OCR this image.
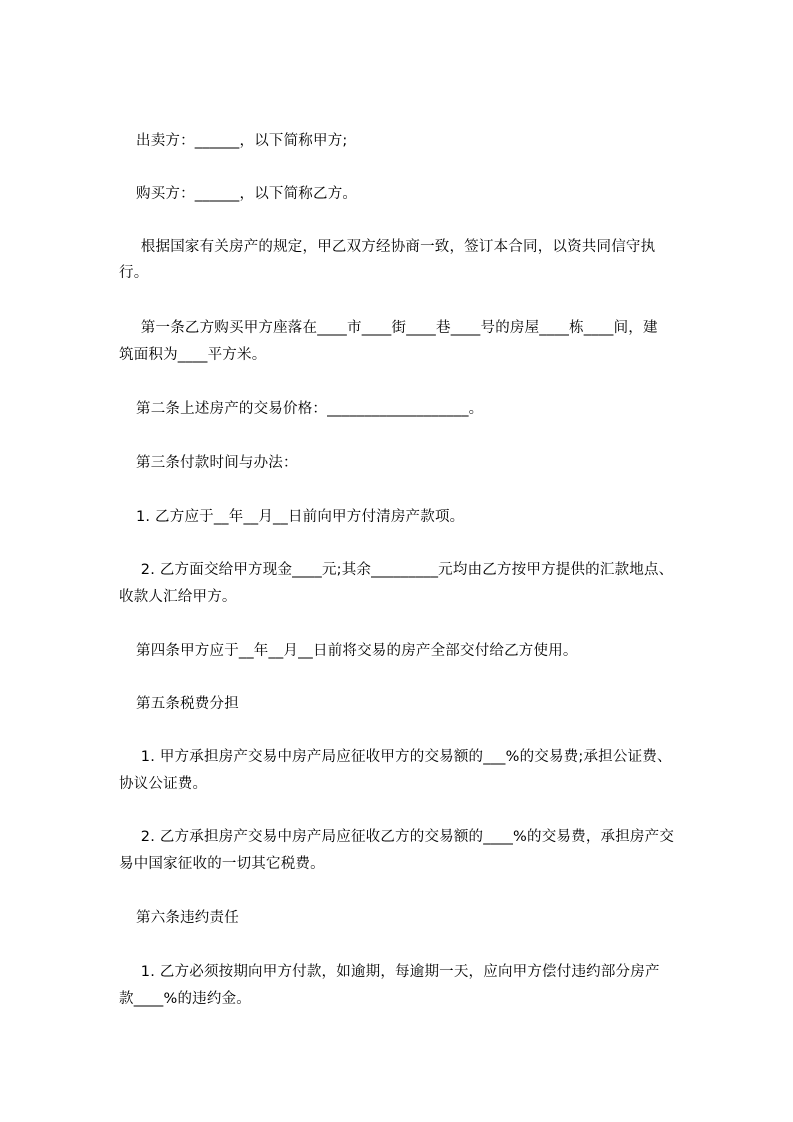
出卖方：______，以下简称甲方;

购买方：______，以下简称乙方。

根据国家有关房产的规定，甲乙双方经协商一致，签订本合同，以资共同信守执

行。

第一条乙方购买甲方座落在____市____街____巷____号的房屋____栋____间，建

筑面积为____平方米。

第二条上述房产的交易价格：___________________。

第三条付款时间与办法：

1. 乙方应于__年__月__日前向甲方付清房产款项。

2. 乙方面交给甲方现金____元;其余_________元均由乙方按甲方提供的汇款地点、

收款人汇给甲方。

第四条甲方应于__年__月__日前将交易的房产全部交付给乙方使用。

第五条税费分担

1. 甲方承担房产交易中房产局应征收甲方的交易额的___%的交易费;承担公证费、

协议公证费。

2. 乙方承担房产交易中房产局应征收乙方的交易额的____%的交易费，承担房产交

易中国家征收的一切其它税费。

第六条违约责任

1. 乙方必须按期向甲方付款，如逾期，每逾期一天，应向甲方偿付违约部分房产

款____%的违约金。
